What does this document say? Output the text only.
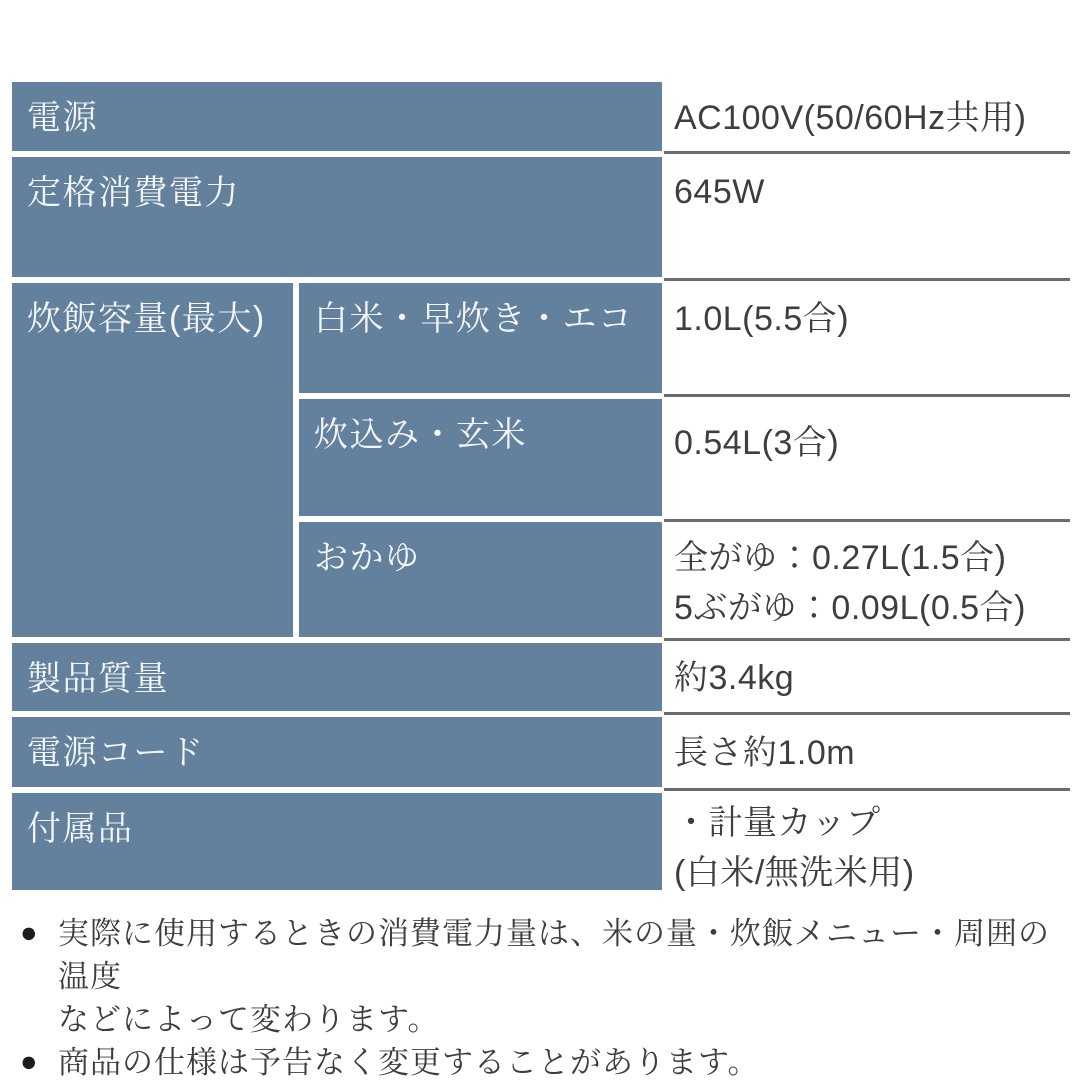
電源	AC100V(50/60Hz共用)
定格消費電力	645W
炊飯容量(最大)	白米・早炊き・エコ	1.0L(5.5合)
炊込み・玄米	0.54L(3合)
おかゆ	全がゆ：0.27L(1.5合)
5ぶがゆ：0.09L(0.5合)
製品質量	約3.4kg
電源コード	長さ約1.0m
付属品	・計量カップ
(白米/無洗米用)
● 実際に使用するときの消費電力量は、米の量・炊飯メニュー・周囲の温度
などによって変わります。
● 商品の仕様は予告なく変更することがあります。
